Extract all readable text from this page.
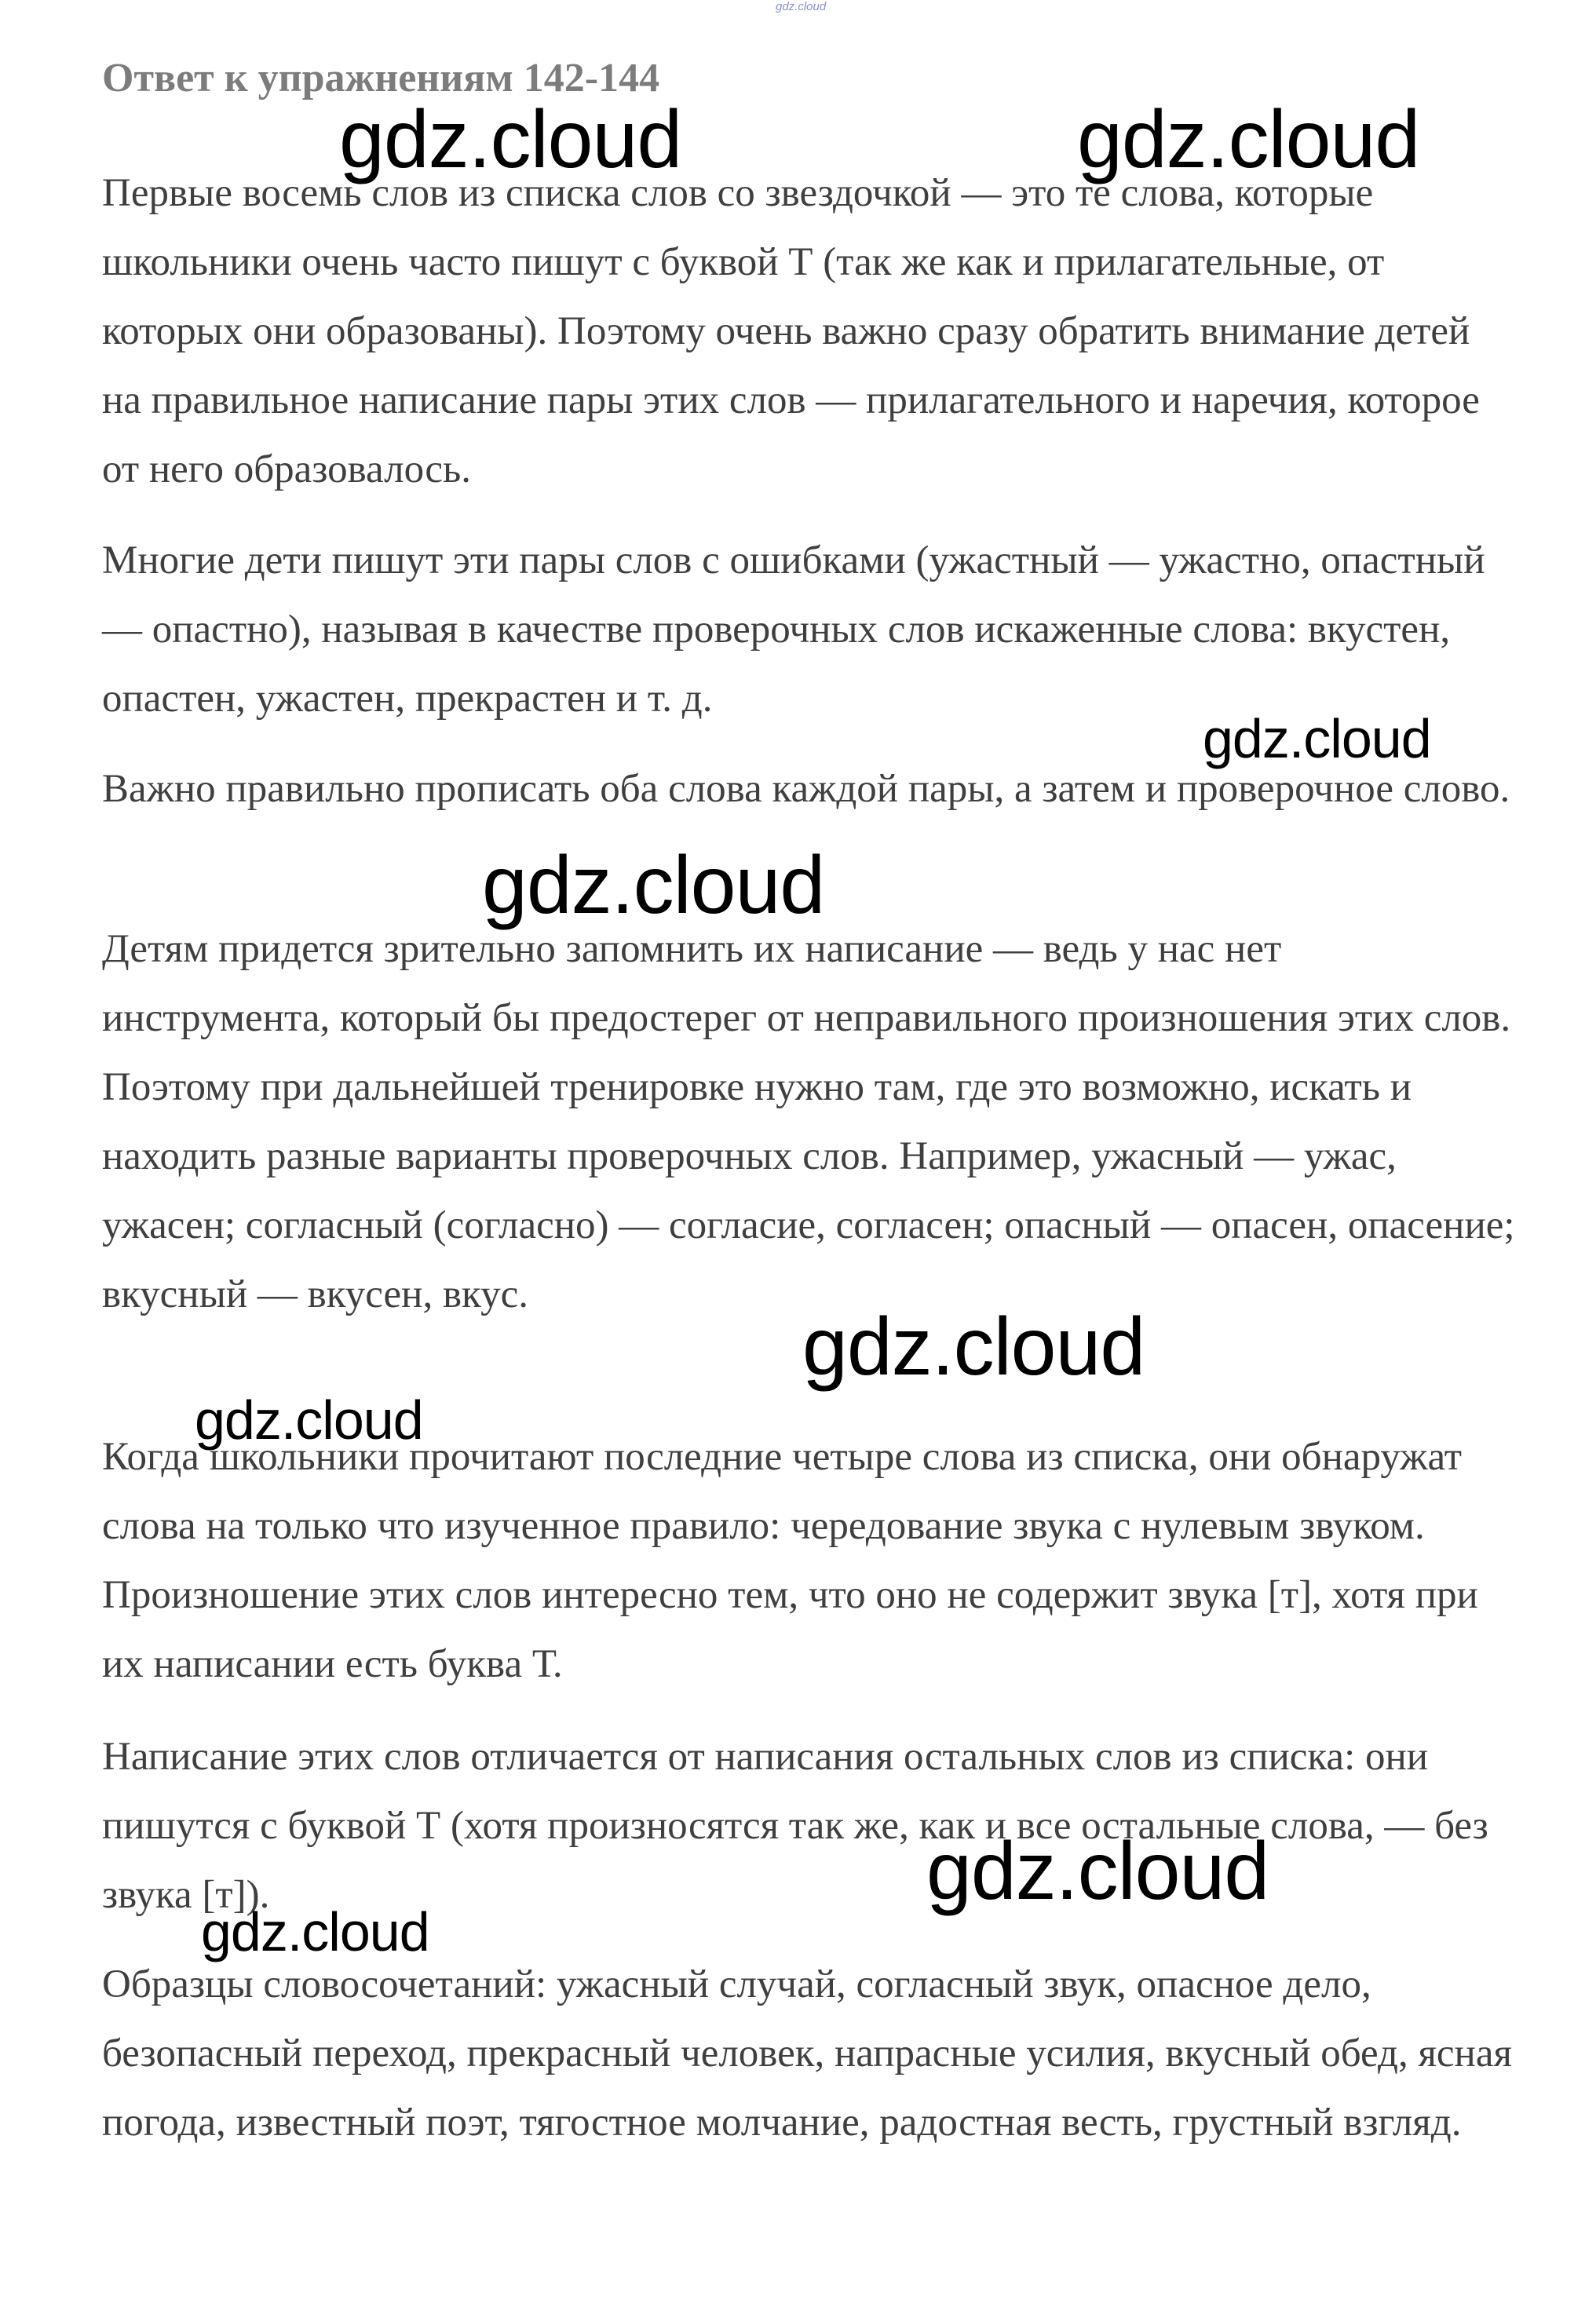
gdz.cloud
Ответ к упражнениям 142-144

Первые восемь слов из списка слов со звездочкой — это те слова, которые школьники очень часто пишут с буквой Т (так же как и прилагательные, от которых они образованы). Поэтому очень важно сразу обратить внимание детей на правильное написание пары этих слов — прилагательного и наречия, которое от него образовалось.

Многие дети пишут эти пары слов с ошибками (ужастный — ужастно, опастный — опастно), называя в качестве проверочных слов искаженные слова: вкустен, опастен, ужастен, прекрастен и т. д.

Важно правильно прописать оба слова каждой пары, а затем и проверочное слово.

Детям придется зрительно запомнить их написание — ведь у нас нет инструмента, который бы предостерег от неправильного произношения этих слов. Поэтому при дальнейшей тренировке нужно там, где это возможно, искать и находить разные варианты проверочных слов. Например, ужасный — ужас, ужасен; согласный (согласно) — согласие, согласен; опасный — опасен, опасение; вкусный — вкусен, вкус.

Когда школьники прочитают последние четыре слова из списка, они обнаружат слова на только что изученное правило: чередование звука с нулевым звуком. Произношение этих слов интересно тем, что оно не содержит звука [т], хотя при их написании есть буква Т.

Написание этих слов отличается от написания остальных слов из списка: они пишутся с буквой Т (хотя произносятся так же, как и все остальные слова, — без звука [т]).

Образцы словосочетаний: ужасный случай, согласный звук, опасное дело, безопасный переход, прекрасный человек, напрасные усилия, вкусный обед, ясная погода, известный поэт, тягостное молчание, радостная весть, грустный взгляд.

gdz.cloud	gdz.cloud
gdz.cloud
gdz.cloud
gdz.cloud
gdz.cloud
gdz.cloud
gdz.cloud
